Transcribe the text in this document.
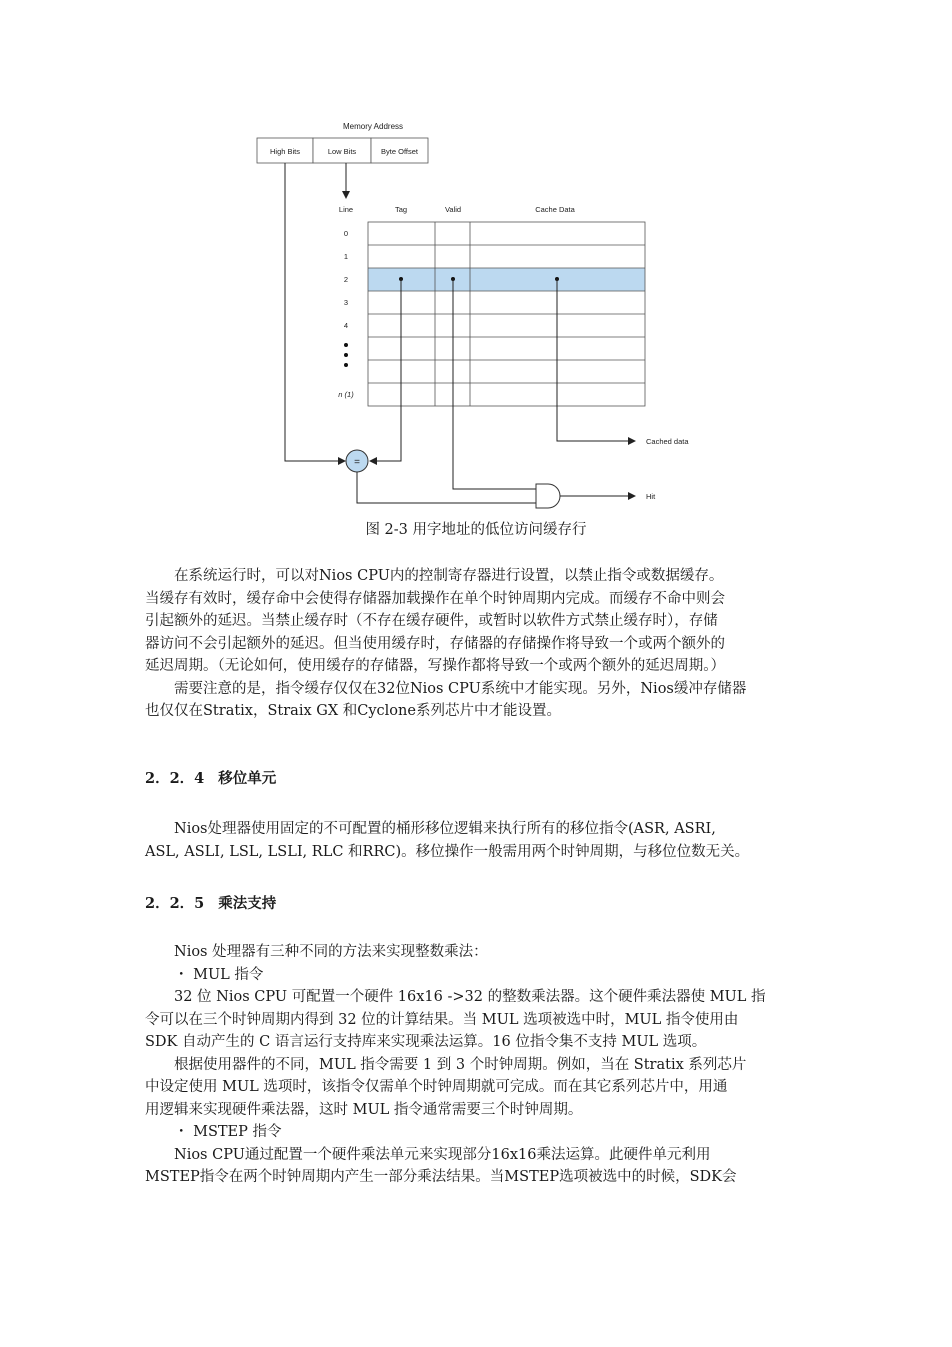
Memory Address
High Bits	Low Bits	Byte Offset
Line	Tag	Valid	Cache Data
0
1
2
3
4
n (1)
Cached data
=
Hit
图 2-3 用字地址的低位访问缓存行
在系统运行时，可以对Nios CPU内的控制寄存器进行设置，以禁止指令或数据缓存。
当缓存有效时，缓存命中会使得存储器加载操作在单个时钟周期内完成。而缓存不命中则会
引起额外的延迟。当禁止缓存时（不存在缓存硬件，或暂时以软件方式禁止缓存时），存储
器访问不会引起额外的延迟。但当使用缓存时，存储器的存储操作将导致一个或两个额外的
延迟周期。（无论如何，使用缓存的存储器，写操作都将导致一个或两个额外的延迟周期。）
需要注意的是，指令缓存仅仅在32位Nios CPU系统中才能实现。另外，Nios缓冲存储器
也仅仅在Stratix，Straix GX 和Cyclone系列芯片中才能设置。
2．2．4 移位单元
Nios处理器使用固定的不可配置的桶形移位逻辑来执行所有的移位指令(ASR, ASRI,
ASL, ASLI, LSL, LSLI, RLC 和RRC)。移位操作一般需用两个时钟周期，与移位位数无关。
2．2．5 乘法支持
Nios 处理器有三种不同的方法来实现整数乘法：
・ MUL 指令
32 位 Nios CPU 可配置一个硬件 16x16 ->32 的整数乘法器。这个硬件乘法器使 MUL 指
令可以在三个时钟周期内得到 32 位的计算结果。当 MUL 选项被选中时，MUL 指令使用由
SDK 自动产生的 C 语言运行支持库来实现乘法运算。16 位指令集不支持 MUL 选项。
根据使用器件的不同，MUL 指令需要 1 到 3 个时钟周期。例如，当在 Stratix 系列芯片
中设定使用 MUL 选项时，该指令仅需单个时钟周期就可完成。而在其它系列芯片中，用通
用逻辑来实现硬件乘法器，这时 MUL 指令通常需要三个时钟周期。
・ MSTEP 指令
Nios CPU通过配置一个硬件乘法单元来实现部分16x16乘法运算。此硬件单元利用
MSTEP指令在两个时钟周期内产生一部分乘法结果。当MSTEP选项被选中的时候，SDK会
